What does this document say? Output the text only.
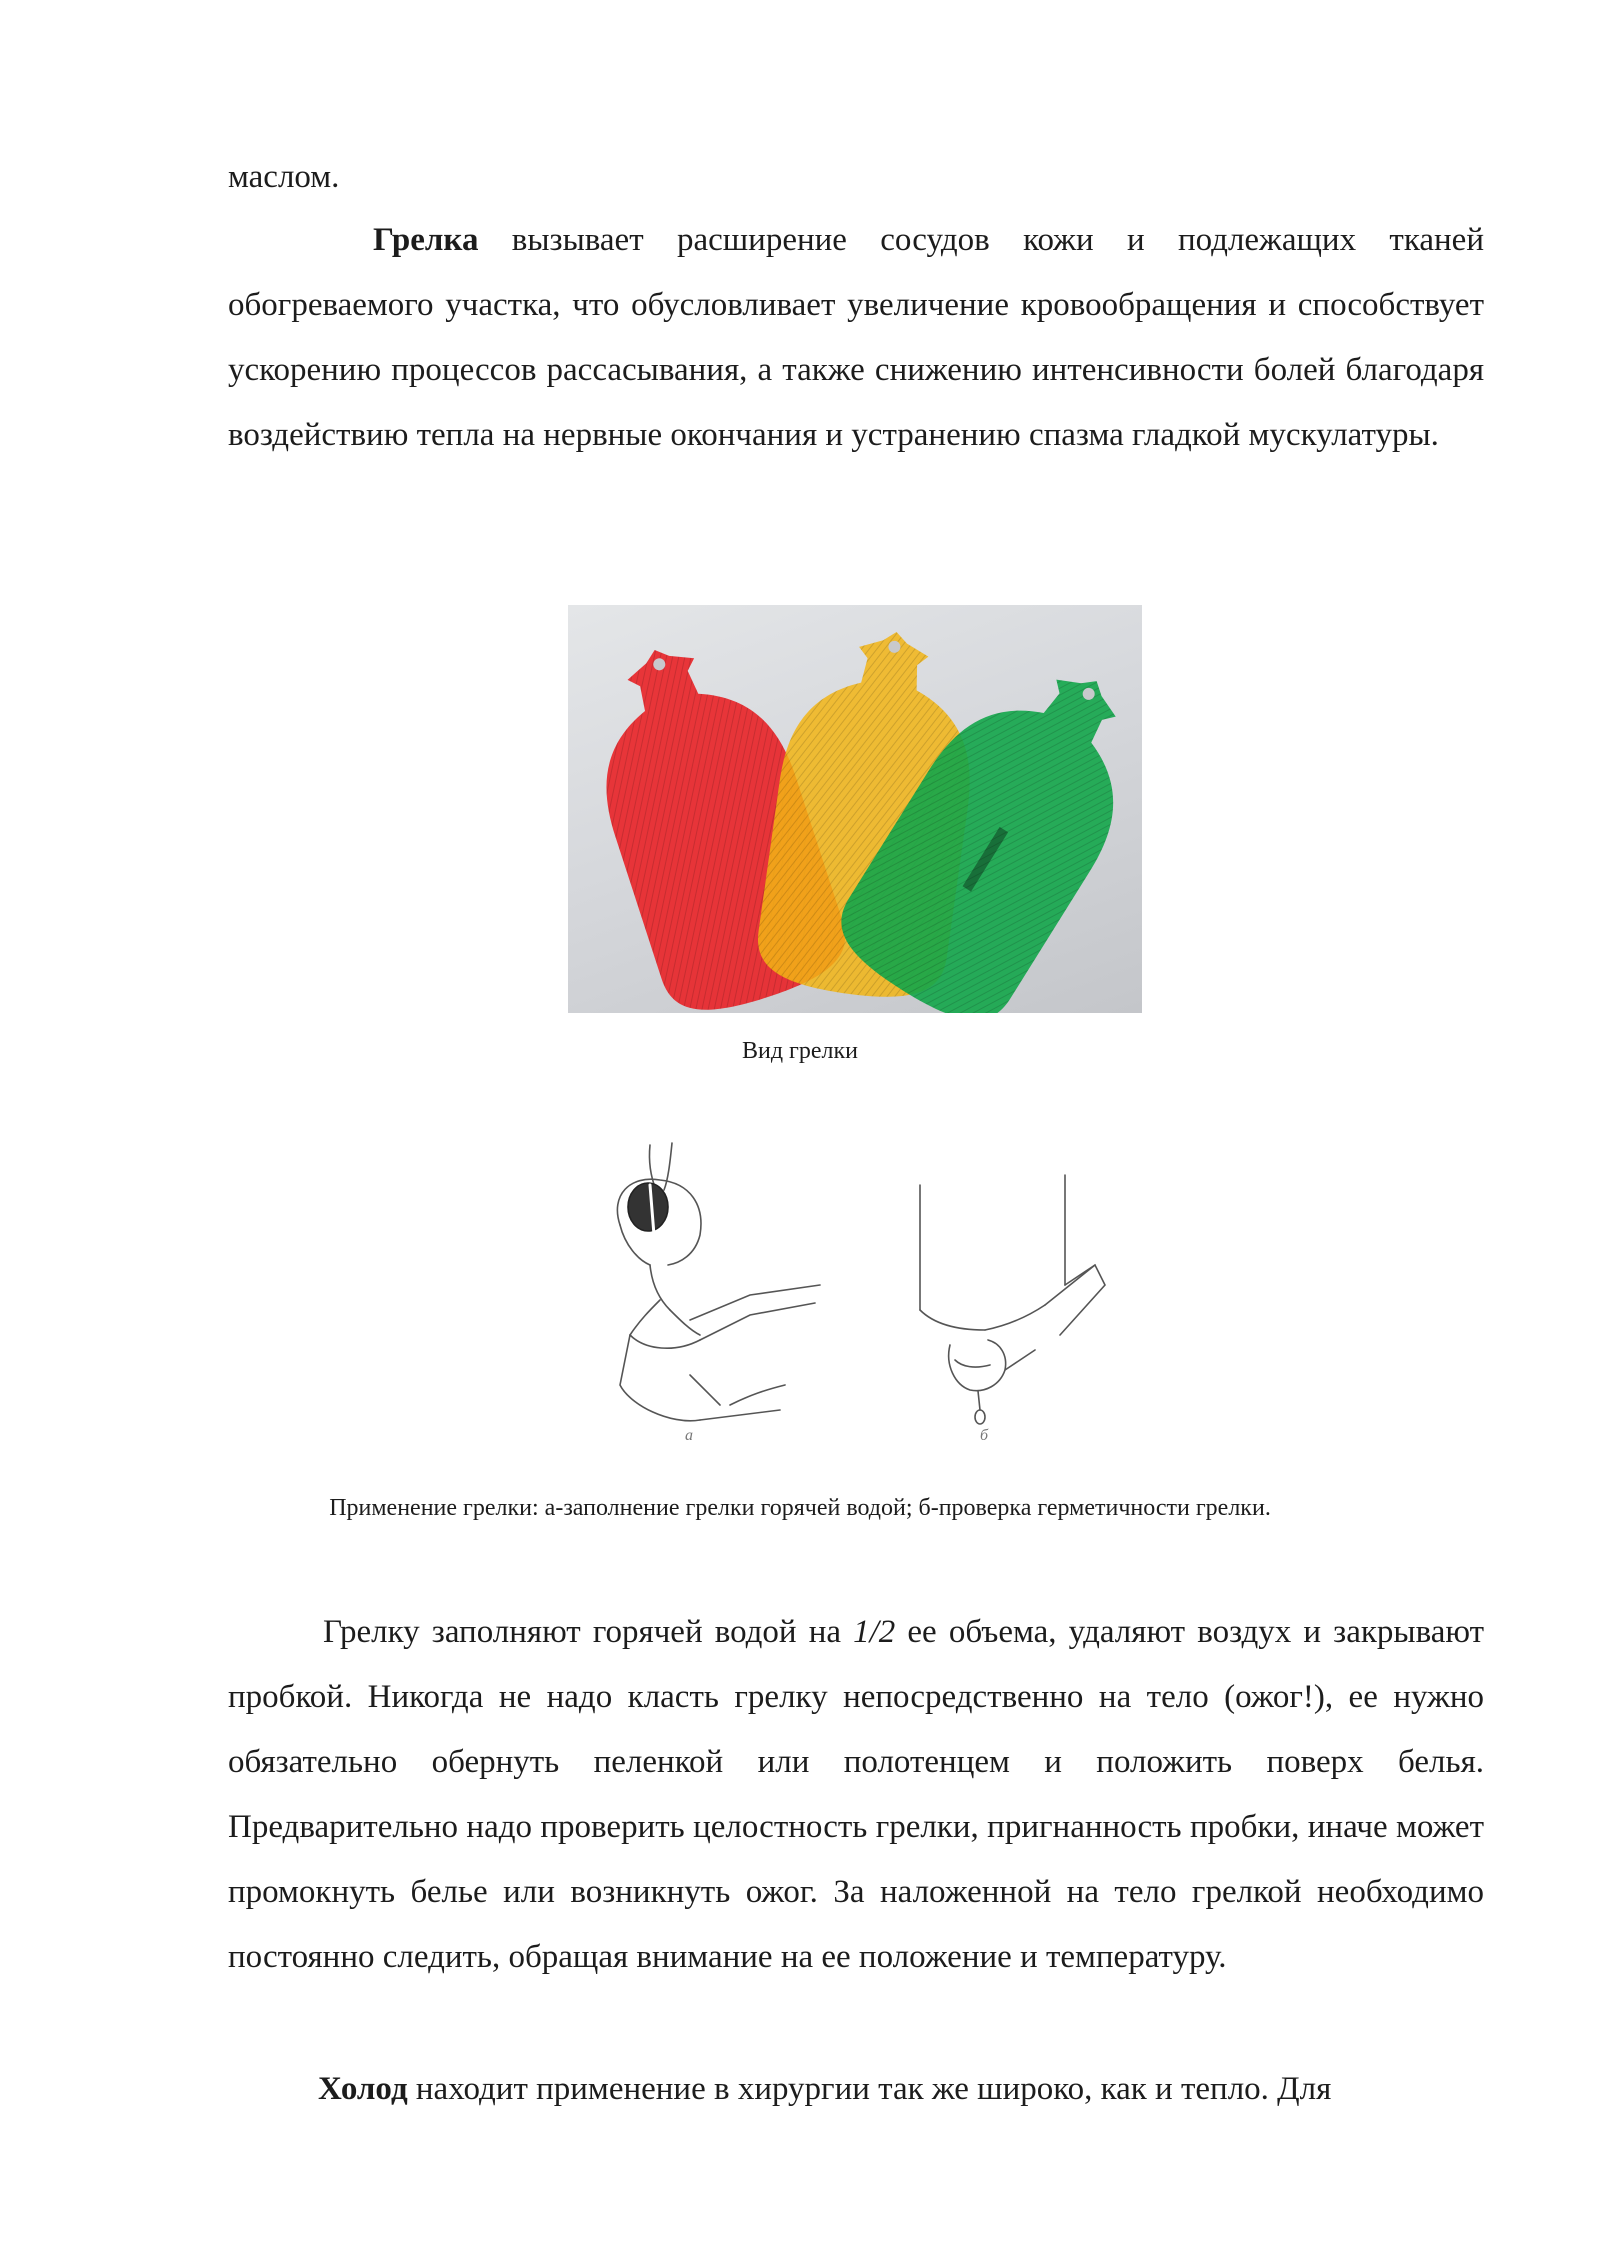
маслом.

Грелка вызывает расширение сосудов кожи и подлежащих тканей обогреваемого участка, что обусловливает увеличение кровообращения и способствует ускорению процессов рассасывания, а также снижению интенсивности болей благодаря воздействию тепла на нервные окончания и устранению спазма гладкой мускулатуры.

Вид грелки
а	б
Применение грелки: а-заполнение грелки горячей водой; б-проверка герметичности грелки.

Грелку заполняют горячей водой на 1/2 ее объема, удаляют воздух и закрывают пробкой. Никогда не надо класть грелку непосредственно на тело (ожог!), ее нужно обязательно обернуть пеленкой или полотенцем и положить поверх белья. Предварительно надо проверить целостность грелки, пригнанность пробки, иначе может промокнуть белье или возникнуть ожог. За наложенной на тело грелкой необходимо постоянно следить, обращая внимание на ее положение и температуру.

Холод находит применение в хирургии так же широко, как и тепло. Для
